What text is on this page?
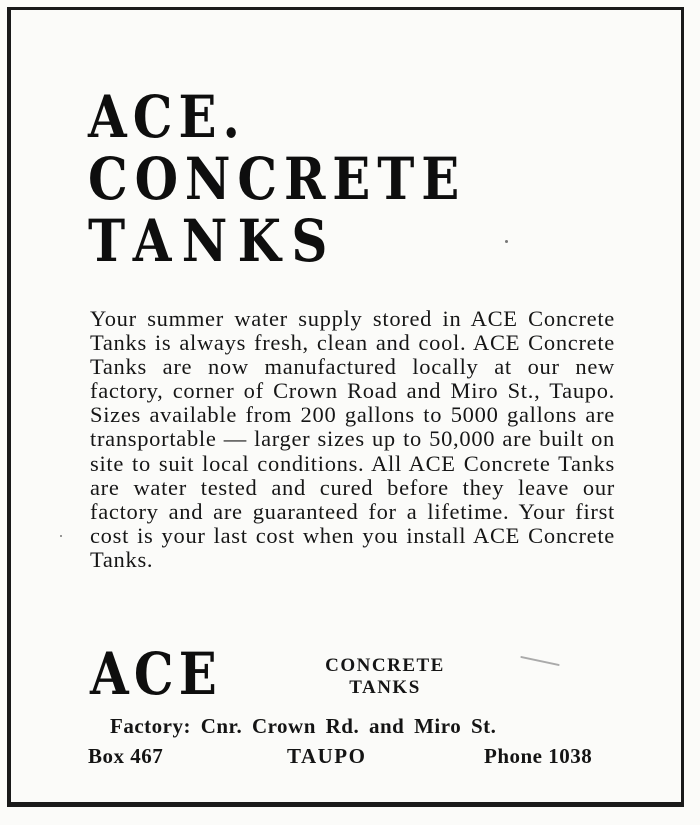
ACE.
CONCRETE
TANKS

Your summer water supply stored in ACE Concrete Tanks is always fresh, clean and cool. ACE Concrete Tanks are now manufactured locally at our new factory, corner of Crown Road and Miro St., Taupo. Sizes available from 200 gallons to 5000 gallons are transportable — larger sizes up to 50,000 are built on site to suit local conditions. All ACE Concrete Tanks are water tested and cured before they leave our factory and are guaranteed for a lifetime. Your first cost is your last cost when you install ACE Concrete Tanks.

ACE	CONCRETE
TANKS
Factory: Cnr. Crown Rd. and Miro St.
Box 467	TAUPO	Phone 1038
